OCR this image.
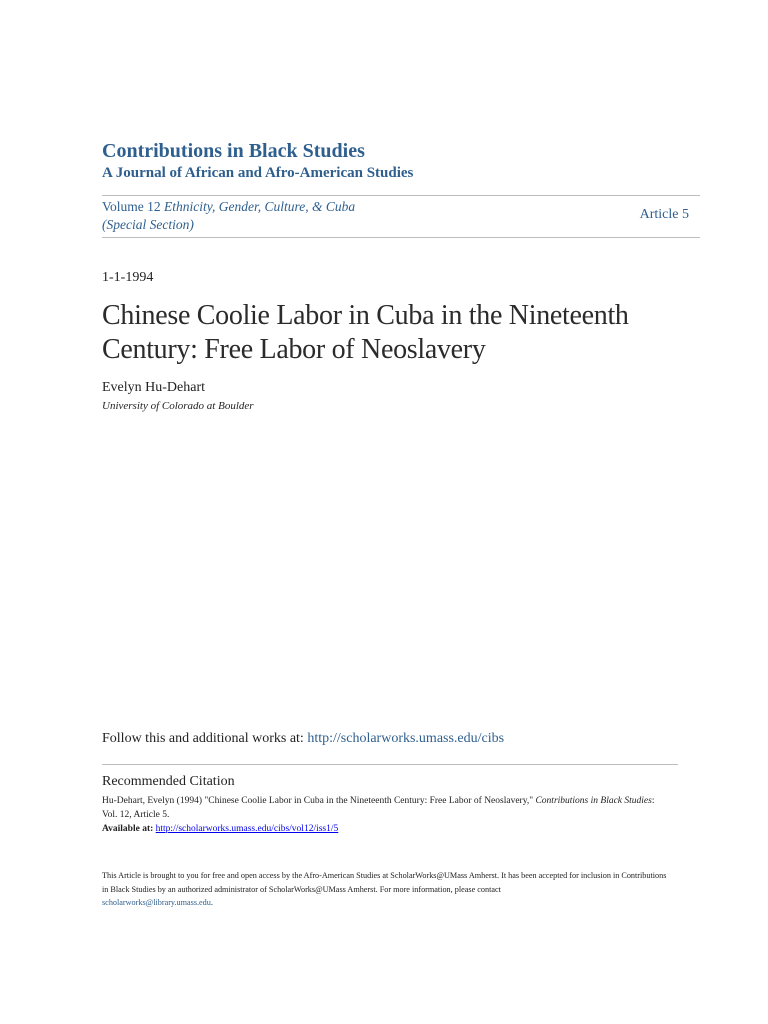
Contributions in Black Studies
A Journal of African and Afro-American Studies
Volume 12 Ethnicity, Gender, Culture, & Cuba
(Special Section)
Article 5
1-1-1994
Chinese Coolie Labor in Cuba in the Nineteenth Century: Free Labor of Neoslavery
Evelyn Hu-Dehart
University of Colorado at Boulder
Follow this and additional works at: http://scholarworks.umass.edu/cibs
Recommended Citation
Hu-Dehart, Evelyn (1994) "Chinese Coolie Labor in Cuba in the Nineteenth Century: Free Labor of Neoslavery," Contributions in Black Studies: Vol. 12, Article 5.
Available at: http://scholarworks.umass.edu/cibs/vol12/iss1/5
This Article is brought to you for free and open access by the Afro-American Studies at ScholarWorks@UMass Amherst. It has been accepted for inclusion in Contributions in Black Studies by an authorized administrator of ScholarWorks@UMass Amherst. For more information, please contact
scholarworks@library.umass.edu.
